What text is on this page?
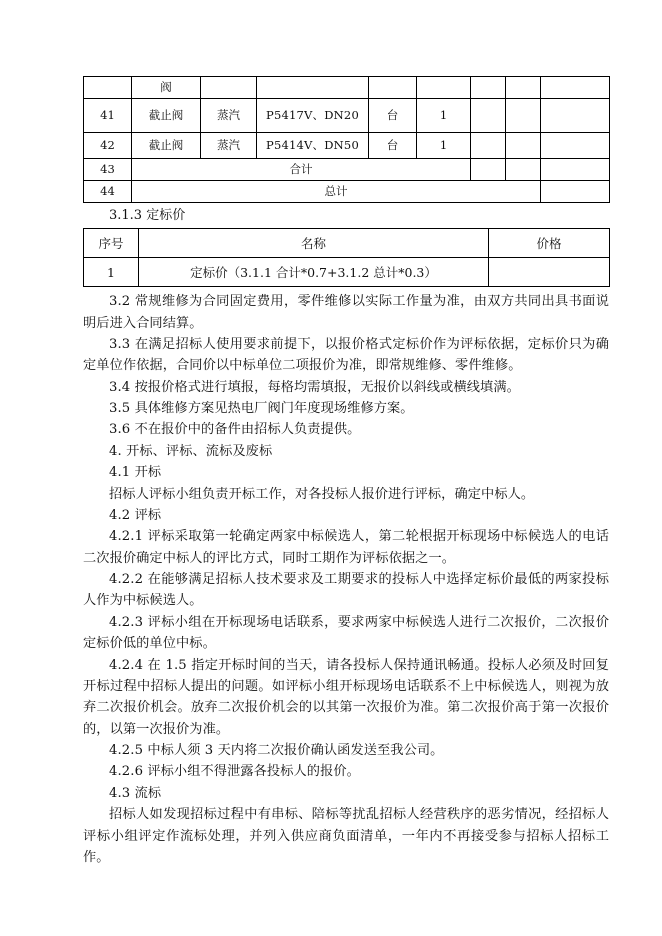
	阀							
41	截止阀	蒸汽	P5417V、DN20	台	1			
42	截止阀	蒸汽	P5414V、DN50	台	1			
43	合计							
44	总计							
3.1.3 定标价
序号	名称	价格
1	定标价（3.1.1 合计*0.7+3.1.2 总计*0.3）	

3.2 常规维修为合同固定费用，零件维修以实际工作量为准，由双方共同出具书面说明后进入合同结算。

3.3 在满足招标人使用要求前提下，以报价格式定标价作为评标依据，定标价只为确定单位作依据，合同价以中标单位二项报价为准，即常规维修、零件维修。

3.4 按报价格式进行填报，每格均需填报，无报价以斜线或横线填满。

3.5 具体维修方案见热电厂阀门年度现场维修方案。

3.6 不在报价中的备件由招标人负责提供。

4. 开标、评标、流标及废标

4.1 开标

招标人评标小组负责开标工作，对各投标人报价进行评标，确定中标人。

4.2 评标

4.2.1 评标采取第一轮确定两家中标候选人，第二轮根据开标现场中标候选人的电话二次报价确定中标人的评比方式，同时工期作为评标依据之一。

4.2.2 在能够满足招标人技术要求及工期要求的投标人中选择定标价最低的两家投标人作为中标候选人。

4.2.3 评标小组在开标现场电话联系，要求两家中标候选人进行二次报价，二次报价定标价低的单位中标。

4.2.4 在 1.5 指定开标时间的当天，请各投标人保持通讯畅通。投标人必须及时回复开标过程中招标人提出的问题。如评标小组开标现场电话联系不上中标候选人，则视为放弃二次报价机会。放弃二次报价机会的以其第一次报价为准。第二次报价高于第一次报价的，以第一次报价为准。

4.2.5 中标人须 3 天内将二次报价确认函发送至我公司。

4.2.6 评标小组不得泄露各投标人的报价。

4.3 流标

招标人如发现招标过程中有串标、陪标等扰乱招标人经营秩序的恶劣情况，经招标人评标小组评定作流标处理，并列入供应商负面清单，一年内不再接受参与招标人招标工作。
